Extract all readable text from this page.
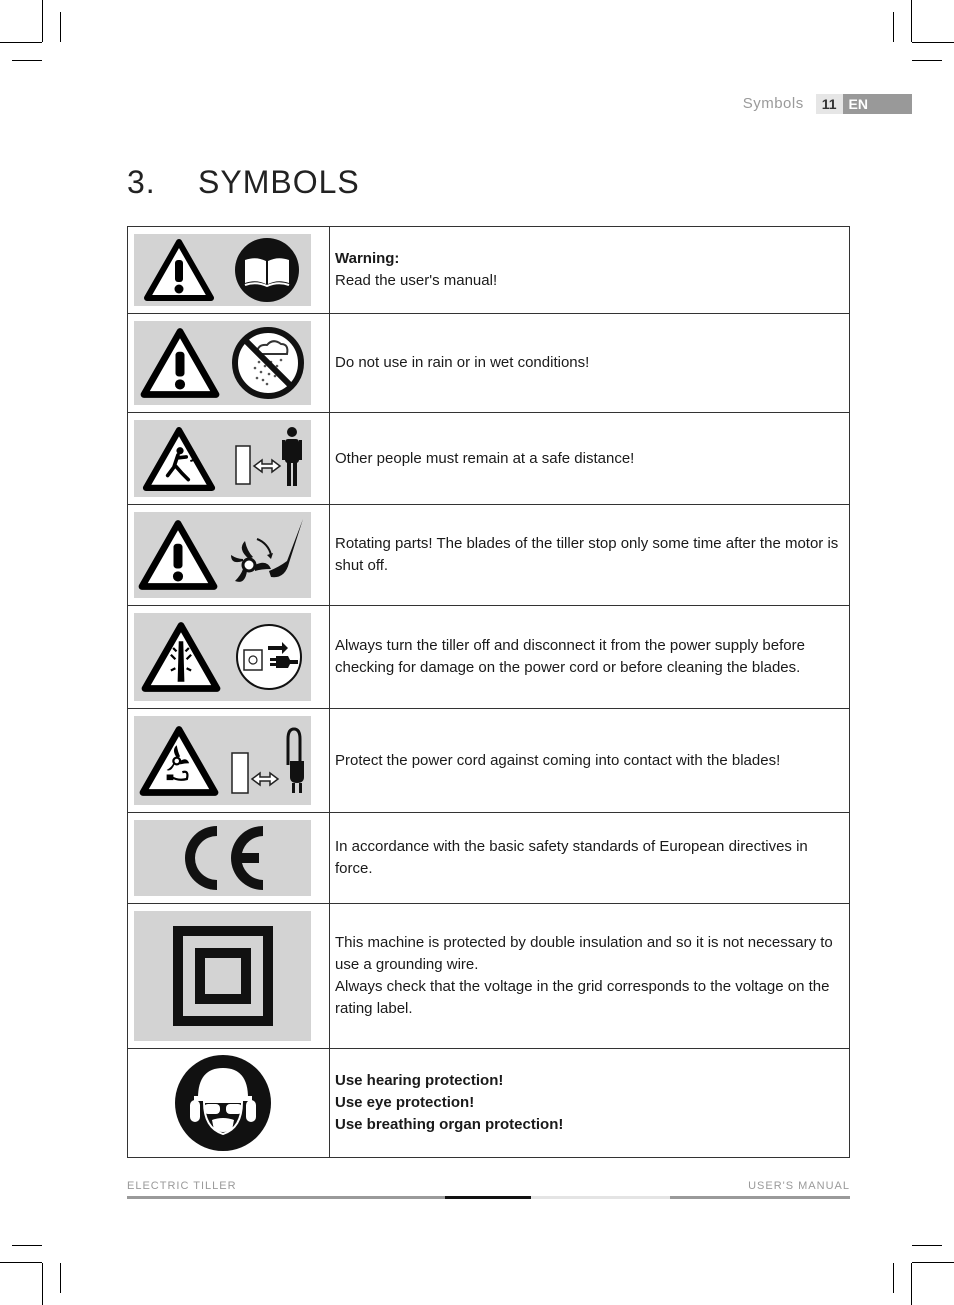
Symbols	11 EN
3.	SYMBOLS

Warning:
Read the user's manual!

Do not use in rain or in wet conditions!

Other people must remain at a safe distance!

Rotating parts! The blades of the tiller stop only some time after the motor is shut off.

Always turn the tiller off and disconnect it from the power supply before checking for damage on the power cord or before cleaning the blades.

Protect the power cord against coming into contact with the blades!

In accordance with the basic safety standards of European directives in force.

This machine is protected by double insulation and so it is not necessary to use a grounding wire.
Always check that the voltage in the grid corresponds to the voltage on the rating label.

Use hearing protection!
Use eye protection!
Use breathing organ protection!
ELECTRIC TILLER	USER'S MANUAL
